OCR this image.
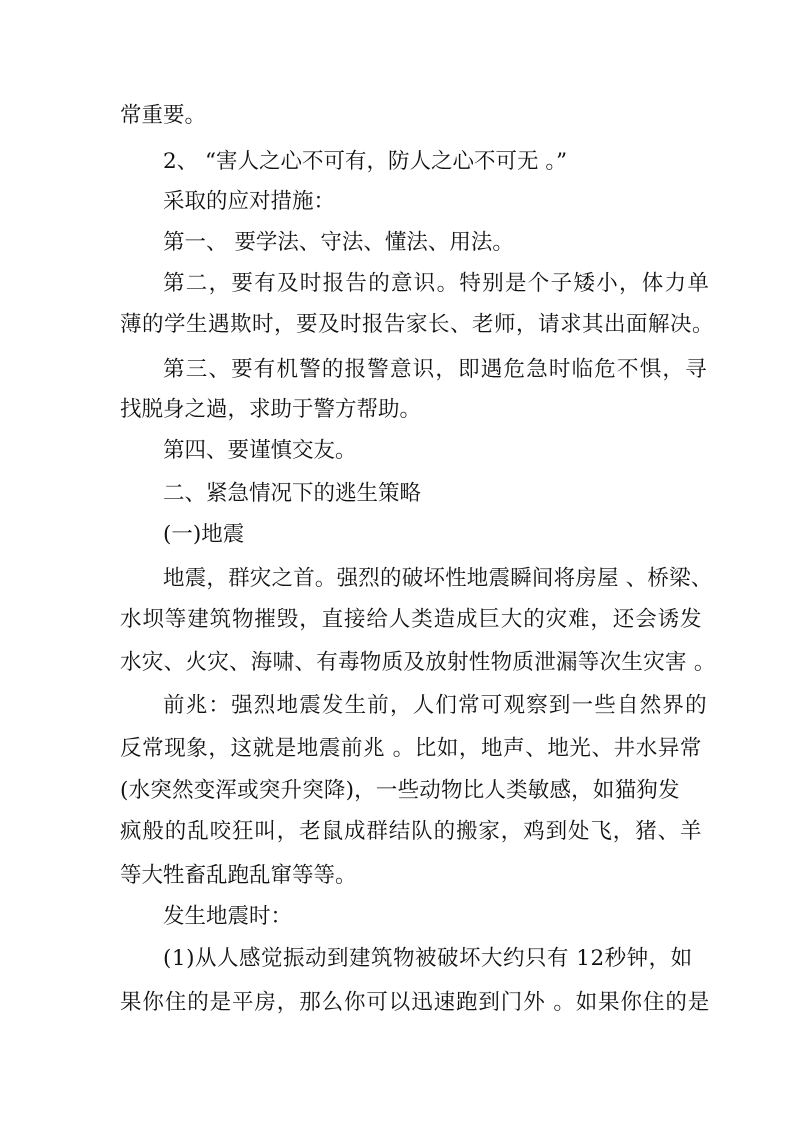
常重要。
2、 “害人之心不可有，防人之心不可无 。”
采取的应对措施：
第一、 要学法、守法、懂法、用法。
第二，要有及时报告的意识。特别是个子矮小，体力单
薄的学生遇欺时，要及时报告家长、老师，请求其出面解决。
第三、要有机警的报警意识，即遇危急时临危不惧，寻
找脱身之過，求助于警方帮助。
第四、要谨慎交友。
二、紧急情况下的逃生策略
(一)地震
地震，群灾之首。强烈的破坏性地震瞬间将房屋 、桥梁、
水坝等建筑物摧毁，直接给人类造成巨大的灾难，还会诱发
水灾、火灾、海啸、有毒物质及放射性物质泄漏等次生灾害 。
前兆：强烈地震发生前，人们常可观察到一些自然界的
反常现象，这就是地震前兆 。比如，地声、地光、井水异常
(水突然变浑或突升突降)，一些动物比人类敏感，如猫狗发
疯般的乱咬狂叫，老鼠成群结队的搬家，鸡到处飞，猪、羊
等大牲畜乱跑乱窜等等。
发生地震时：
(1)从人感觉振动到建筑物被破坏大约只有 12秒钟，如
果你住的是平房，那么你可以迅速跑到门外 。如果你住的是
